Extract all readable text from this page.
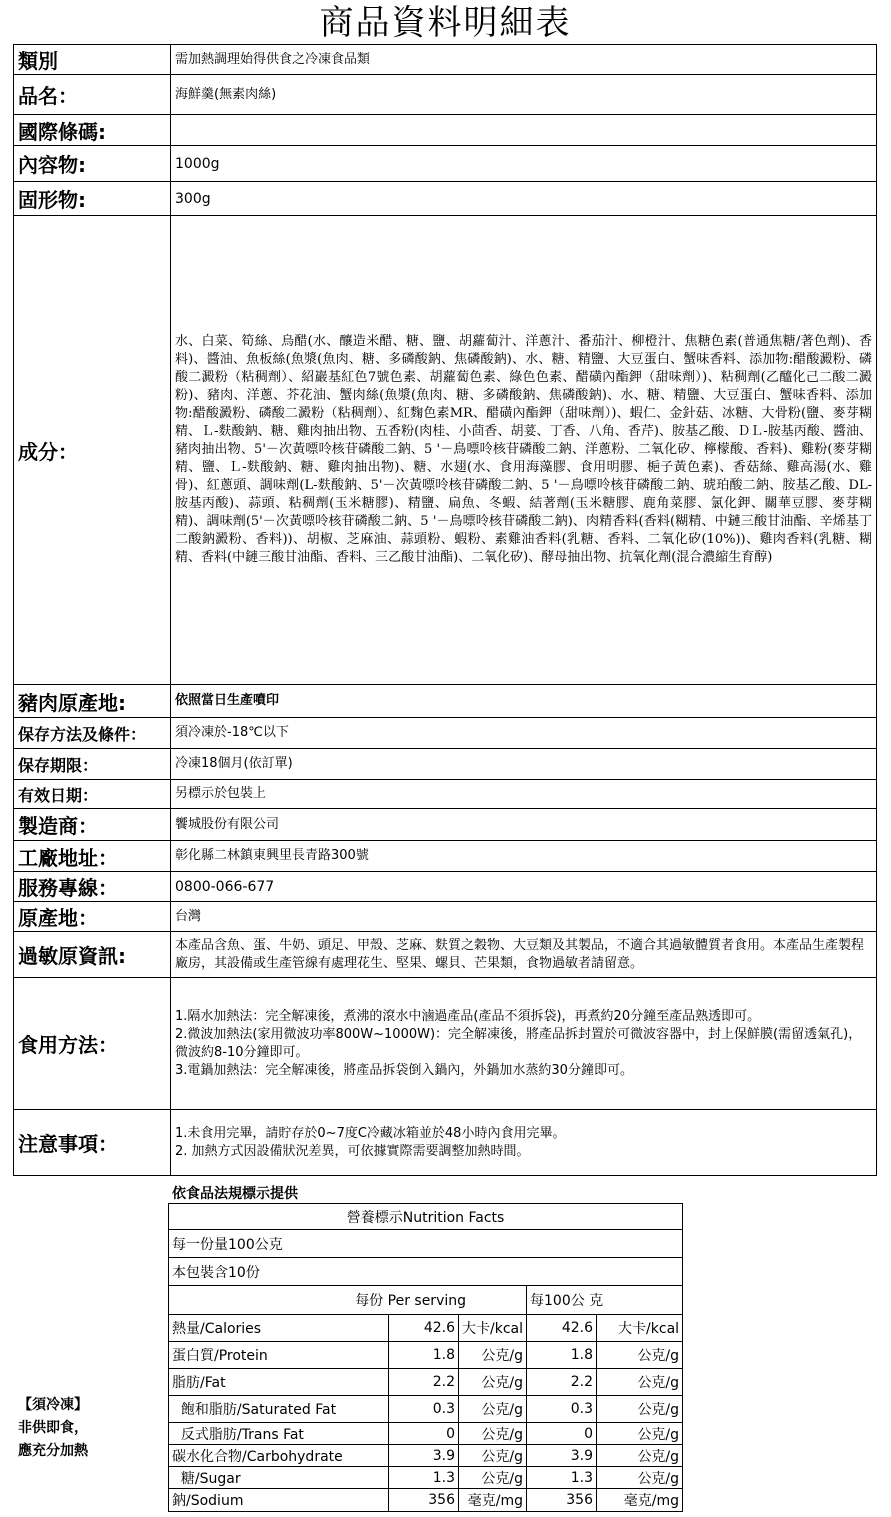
商品資料明細表
類別	需加熱調理始得供食之冷凍食品類
品名：	海鮮羹(無素肉絲)
國際條碼:	
內容物:	1000g
固形物:	300g
成分：	水、白菜、筍絲、烏醋(水、釀造米醋、糖、鹽、胡蘿蔔汁、洋蔥汁、番茄汁、柳橙汁、焦糖色素(普通焦糖/著色劑)、香料)、醬油、魚板絲(魚漿(魚肉、糖、多磷酸鈉、焦磷酸鈉)、水、糖、精鹽、大豆蛋白、蟹味香料、添加物:醋酸澱粉、磷酸二澱粉（粘稠劑）、紹巖基紅色7號色素、胡蘿蔔色素、綠色色素、醋磺內酯鉀（甜味劑）)、粘稠劑(乙醯化己二酸二澱粉)、豬肉、洋蔥、芥花油、蟹肉絲(魚漿(魚肉、糖、多磷酸鈉、焦磷酸鈉)、水、糖、精鹽、大豆蛋白、蟹味香料、添加物:醋酸澱粉、磷酸二澱粉（粘稠劑）、紅麴色素MR、醋磺內酯鉀（甜味劑）)、蝦仁、金針菇、冰糖、大骨粉(鹽、麥芽糊精、Ｌ-麩酸鈉、糖、雞肉抽出物、五香粉(肉桂、小茴香、胡荽、丁香、八角、香芹)、胺基乙酸、ＤＬ-胺基丙酸、醬油、豬肉抽出物、5'－次黃嘌呤核苷磷酸二鈉、5 '－鳥嘌呤核苷磷酸二鈉、洋蔥粉、二氧化矽、檸檬酸、香料)、雞粉(麥芽糊精、鹽、Ｌ-麩酸鈉、糖、雞肉抽出物)、糖、水翅(水、食用海藻膠、食用明膠、梔子黃色素)、香菇絲、雞高湯(水、雞骨)、紅蔥頭、調味劑(L-麩酸鈉、5'－次黃嘌呤核苷磷酸二鈉、5 '－鳥嘌呤核苷磷酸二鈉、琥珀酸二鈉、胺基乙酸、DL-胺基丙酸)、蒜頭、粘稠劑(玉米糖膠)、精鹽、扁魚、冬蝦、結著劑(玉米糖膠、鹿角菜膠、氯化鉀、關華豆膠、麥芽糊精)、調味劑(5'－次黃嘌呤核苷磷酸二鈉、5 '－鳥嘌呤核苷磷酸二鈉)、肉精香料(香料(糊精、中鏈三酸甘油酯、辛烯基丁二酸鈉澱粉、香料))、胡椒、芝麻油、蒜頭粉、蝦粉、素雞油香料(乳糖、香料、二氧化矽(10%))、雞肉香料(乳糖、糊精、香料(中鏈三酸甘油酯、香料、三乙酸甘油酯)、二氧化矽)、酵母抽出物、抗氧化劑(混合濃縮生育醇)
豬肉原產地:	依照當日生產噴印
保存方法及條件：	須冷凍於-18℃以下
保存期限：	冷凍18個月(依訂單)
有效日期：	另標示於包裝上
製造商：	饗城股份有限公司
工廠地址：	彰化縣二林鎮東興里長青路300號
服務專線：	0800-066-677
原產地：	台灣
過敏原資訊:	本產品含魚、蛋、牛奶、頭足、甲殼、芝麻、麩質之穀物、大豆類及其製品，不適合其過敏體質者食用。本產品生產製程廠房，其設備或生產管線有處理花生、堅果、螺貝、芒果類，食物過敏者請留意。
食用方法：	1.隔水加熱法：完全解凍後，煮沸的滾水中滷過產品(產品不須拆袋)，再煮約20分鐘至產品熟透即可。
2.微波加熱法(家用微波功率800W~1000W)：完全解凍後，將產品拆封置於可微波容器中，封上保鮮膜(需留透氣孔)，微波約8-10分鐘即可。
3.電鍋加熱法：完全解凍後，將產品拆袋倒入鍋內，外鍋加水蒸約30分鐘即可。

注意事項：	1.未食用完畢，請貯存於0~7度C冷藏冰箱並於48小時內食用完畢。
2. 加熱方式因設備狀況差異，可依據實際需要調整加熱時間。
依食品法規標示提供
營養標示Nutrition Facts				
每一份量100公克				
本包裝含10份				
每份 Per serving			每100公 克	
熱量/Calories	42.6	大卡/kcal	42.6	大卡/kcal
蛋白質/Protein	1.8	公克/g	1.8	公克/g
脂肪/Fat	2.2	公克/g	2.2	公克/g
飽和脂肪/Saturated Fat	0.3	公克/g	0.3	公克/g
反式脂肪/Trans Fat	0	公克/g	0	公克/g
碳水化合物/Carbohydrate	3.9	公克/g	3.9	公克/g
糖/Sugar	1.3	公克/g	1.3	公克/g
鈉/Sodium	356	毫克/mg	356	毫克/mg
【須冷凍】
非供即食，
應充分加熱
